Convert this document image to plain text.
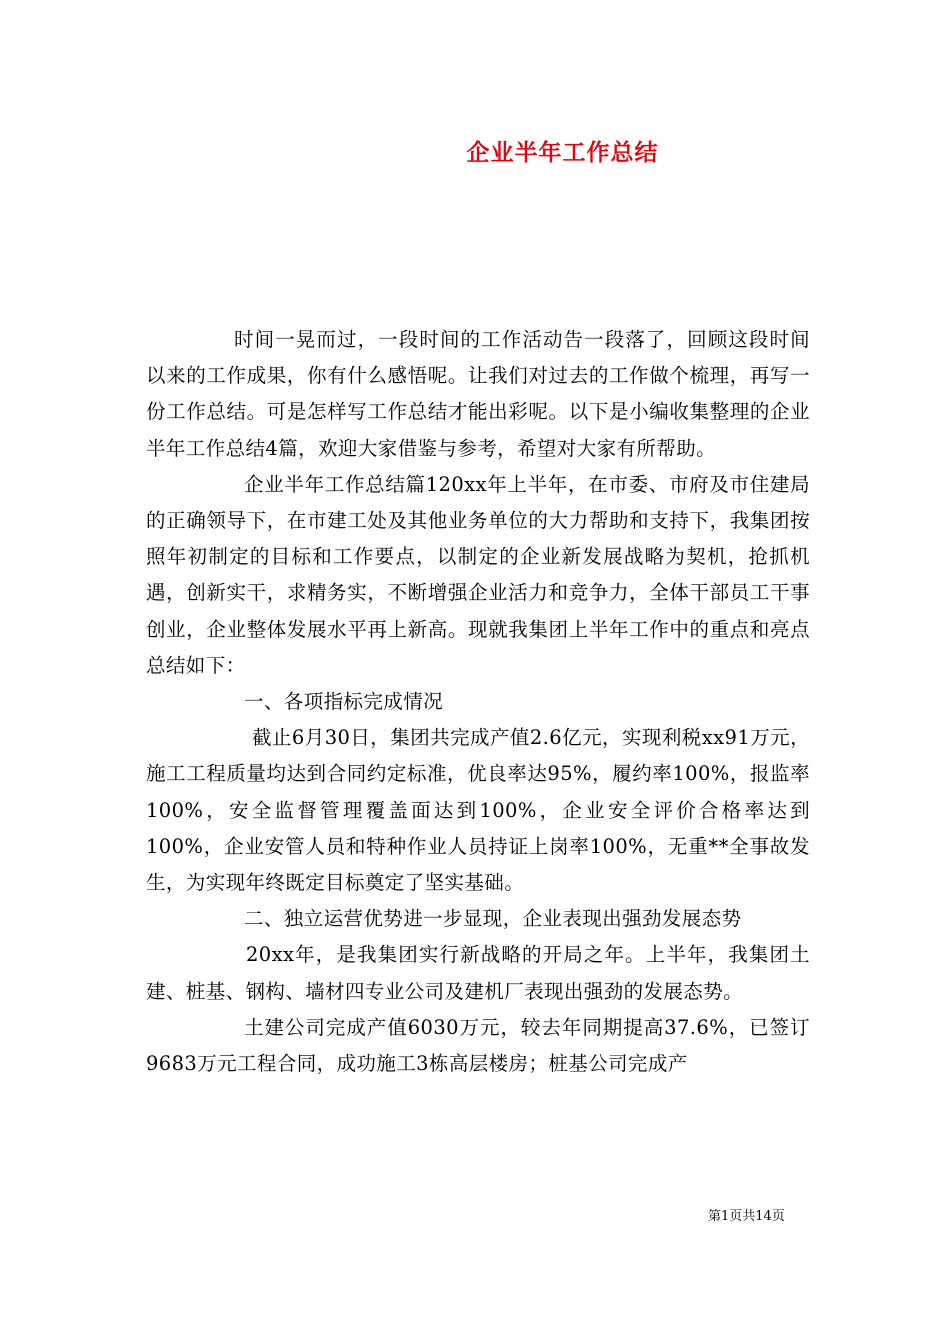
企业半年工作总结

时间一晃而过，一段时间的工作活动告一段落了，回顾这段时间以来的工作成果，你有什么感悟呢。让我们对过去的工作做个梳理，再写一份工作总结。可是怎样写工作总结才能出彩呢。以下是小编收集整理的企业半年工作总结4篇，欢迎大家借鉴与参考，希望对大家有所帮助。

企业半年工作总结篇120xx年上半年，在市委、市府及市住建局的正确领导下，在市建工处及其他业务单位的大力帮助和支持下，我集团按照年初制定的目标和工作要点，以制定的企业新发展战略为契机，抢抓机遇，创新实干，求精务实，不断增强企业活力和竞争力，全体干部员工干事创业，企业整体发展水平再上新高。现就我集团上半年工作中的重点和亮点总结如下：

一、各项指标完成情况

截止6月30日，集团共完成产值2.6亿元，实现利税xx91万元，施工工程质量均达到合同约定标准，优良率达95%，履约率100%，报监率100%，安全监督管理覆盖面达到100%，企业安全评价合格率达到100%，企业安管人员和特种作业人员持证上岗率100%，无重**全事故发生，为实现年终既定目标奠定了坚实基础。

二、独立运营优势进一步显现，企业表现出强劲发展态势

20xx年，是我集团实行新战略的开局之年。上半年，我集团土建、桩基、钢构、墙材四专业公司及建机厂表现出强劲的发展态势。

土建公司完成产值6030万元，较去年同期提高37.6%，已签订9683万元工程合同，成功施工3栋高层楼房；桩基公司完成产

第1页共14页
